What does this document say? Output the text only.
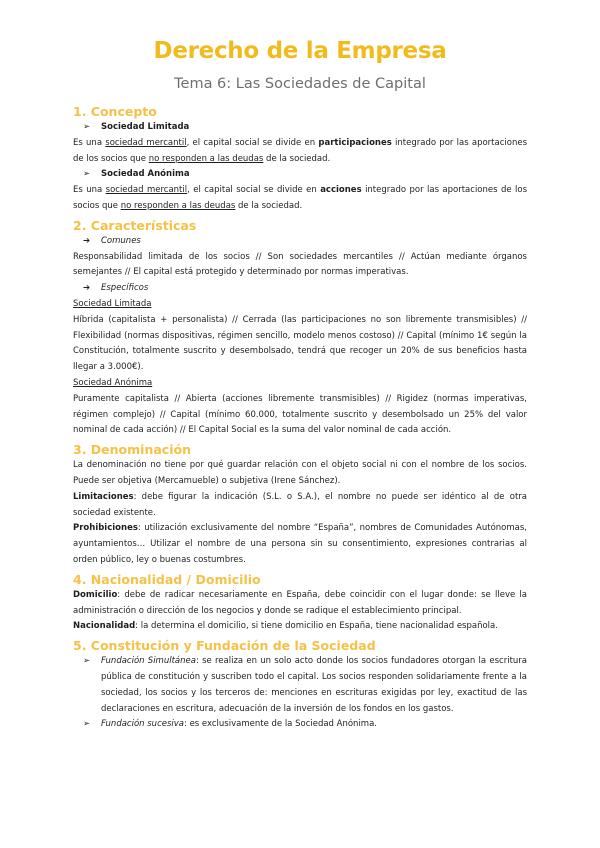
Derecho de la Empresa
Tema 6: Las Sociedades de Capital
1. Concepto
➢	Sociedad Limitada

Es una sociedad mercantil, el capital social se divide en participaciones integrado por las aportaciones de los socios que no responden a las deudas de la sociedad.

➢	Sociedad Anónima

Es una sociedad mercantil, el capital social se divide en acciones integrado por las aportaciones de los socios que no responden a las deudas de la sociedad.

2. Características
➔	Comunes

Responsabilidad limitada de los socios // Son sociedades mercantiles // Actúan mediante órganos semejantes // El capital está protegido y determinado por normas imperativas.

➔	Específicos

Sociedad Limitada

Híbrida (capitalista + personalista) // Cerrada (las participaciones no son libremente transmisibles) // Flexibilidad (normas dispositivas, régimen sencillo, modelo menos costoso) // Capital (mínimo 1€ según la Constitución, totalmente suscrito y desembolsado, tendrá que recoger un 20% de sus beneficios hasta llegar a 3.000€).

Sociedad Anónima

Puramente capitalista // Abierta (acciones libremente transmisibles) // Rigidez (normas imperativas, régimen complejo) // Capital (mínimo 60.000, totalmente suscrito y desembolsado un 25% del valor nominal de cada acción) // El Capital Social es la suma del valor nominal de cada acción.

3. Denominación

La denominación no tiene por qué guardar relación con el objeto social ni con el nombre de los socios. Puede ser objetiva (Mercamueble) o subjetiva (Irene Sánchez).

Limitaciones: debe figurar la indicación (S.L. o S.A.), el nombre no puede ser idéntico al de otra sociedad existente.

Prohibiciones: utilización exclusivamente del nombre “España”, nombres de Comunidades Autónomas, ayuntamientos… Utilizar el nombre de una persona sin su consentimiento, expresiones contrarias al orden público, ley o buenas costumbres.

4. Nacionalidad / Domicilio

Domicilio: debe de radicar necesariamente en España, debe coincidir con el lugar donde: se lleve la administración o dirección de los negocios y donde se radique el establecimiento principal.

Nacionalidad: la determina el domicilio, si tiene domicilio en España, tiene nacionalidad española.

5. Constitución y Fundación de la Sociedad
➢	Fundación Simultánea: se realiza en un solo acto donde los socios fundadores otorgan la escritura pública de constitución y suscriben todo el capital. Los socios responden solidariamente frente a la sociedad, los socios y los terceros de: menciones en escrituras exigidas por ley, exactitud de las declaraciones en escritura, adecuación de la inversión de los fondos en los gastos.
➢	Fundación sucesiva: es exclusivamente de la Sociedad Anónima.
